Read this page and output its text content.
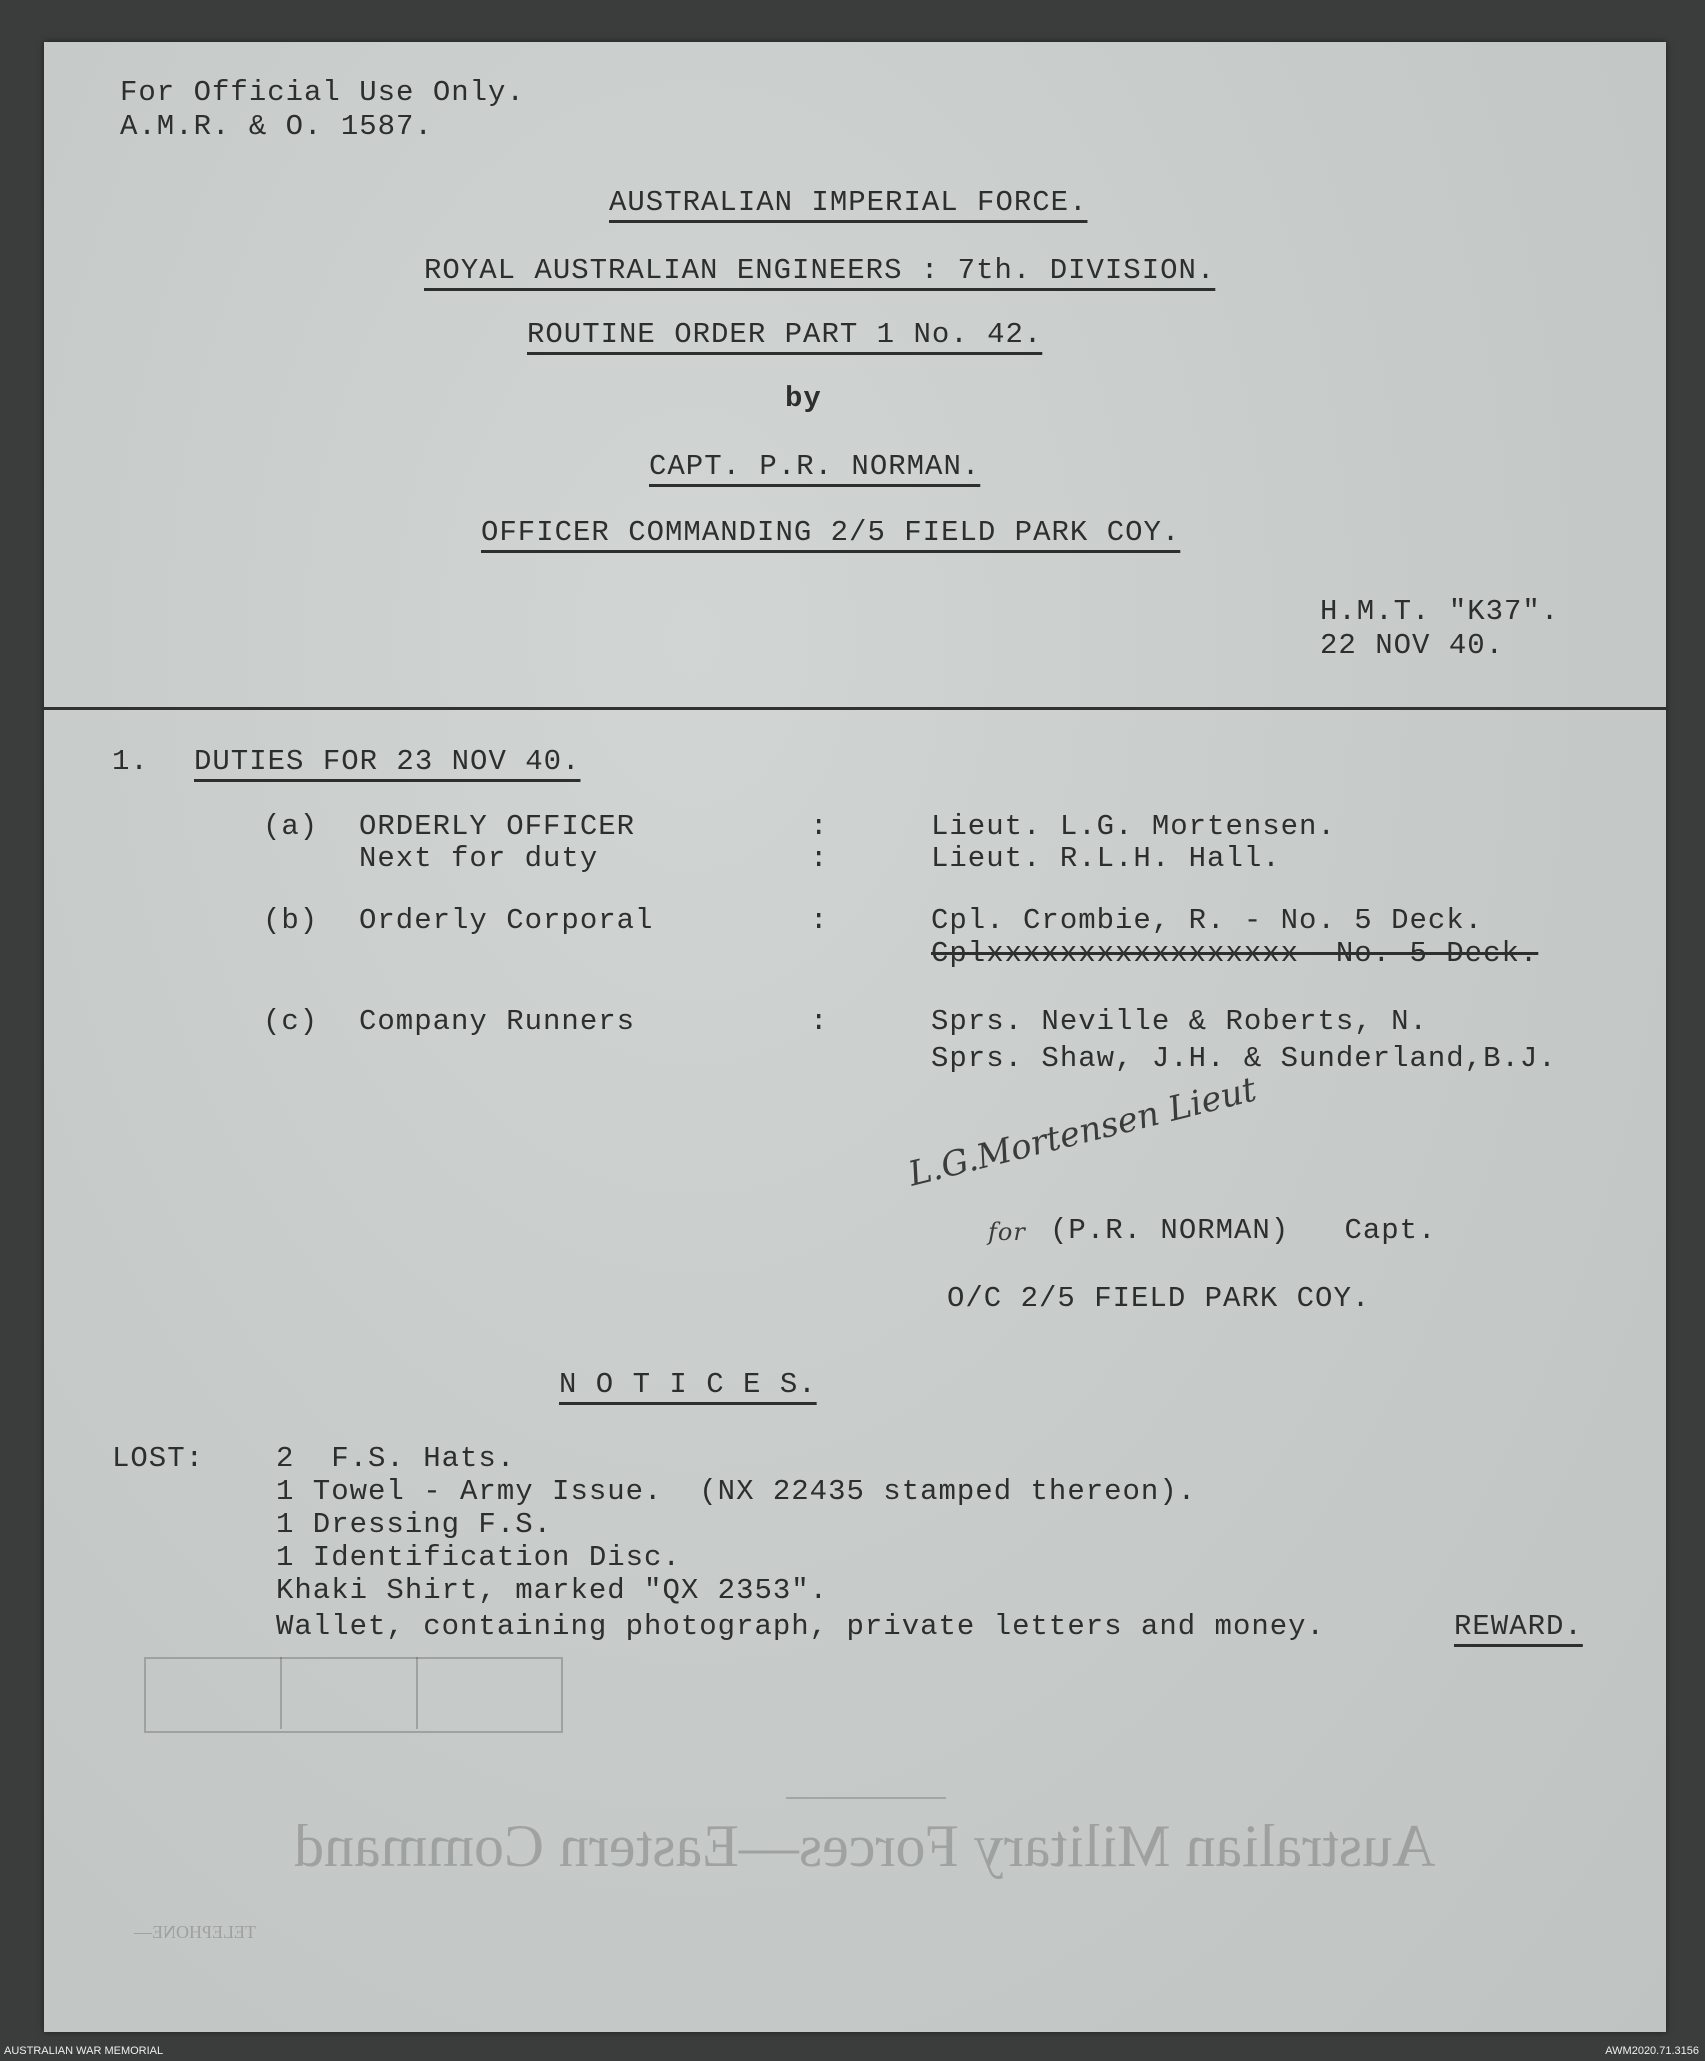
Australian Military Forces—Eastern Command
TELEPHONE—
For Official Use Only.
A.M.R. & O. 1587.
AUSTRALIAN IMPERIAL FORCE.
ROYAL AUSTRALIAN ENGINEERS : 7th. DIVISION.
ROUTINE ORDER PART 1 No. 42.
by
CAPT. P.R. NORMAN.
OFFICER COMMANDING 2/5 FIELD PARK COY.
H.M.T. "K37".
22 NOV 40.
1. DUTIES FOR 23 NOV 40.
(a) ORDERLY OFFICER	:	Lieut. L.G. Mortensen.
Next for duty	:	Lieut. R.L.H. Hall.
(b) Orderly Corporal	:	Cpl. Crombie, R. - No. 5 Deck.
Cplxxxxxxxxxxxxxxxxx- No. 5 Deck.
(c) Company Runners	:	Sprs. Neville & Roberts, N.
Sprs. Shaw, J.H. & Sunderland,B.J.
L.G.Mortensen Lieut
for (P.R. NORMAN)   Capt.
O/C 2/5 FIELD PARK COY.
N O T I C E S.
LOST: 2  F.S. Hats.
1 Towel - Army Issue.  (NX 22435 stamped thereon).
1 Dressing F.S.
1 Identification Disc.
Khaki Shirt, marked "QX 2353".
Wallet, containing photograph, private letters and money.	REWARD.
AUSTRALIAN WAR MEMORIAL	AWM2020.71.3156
